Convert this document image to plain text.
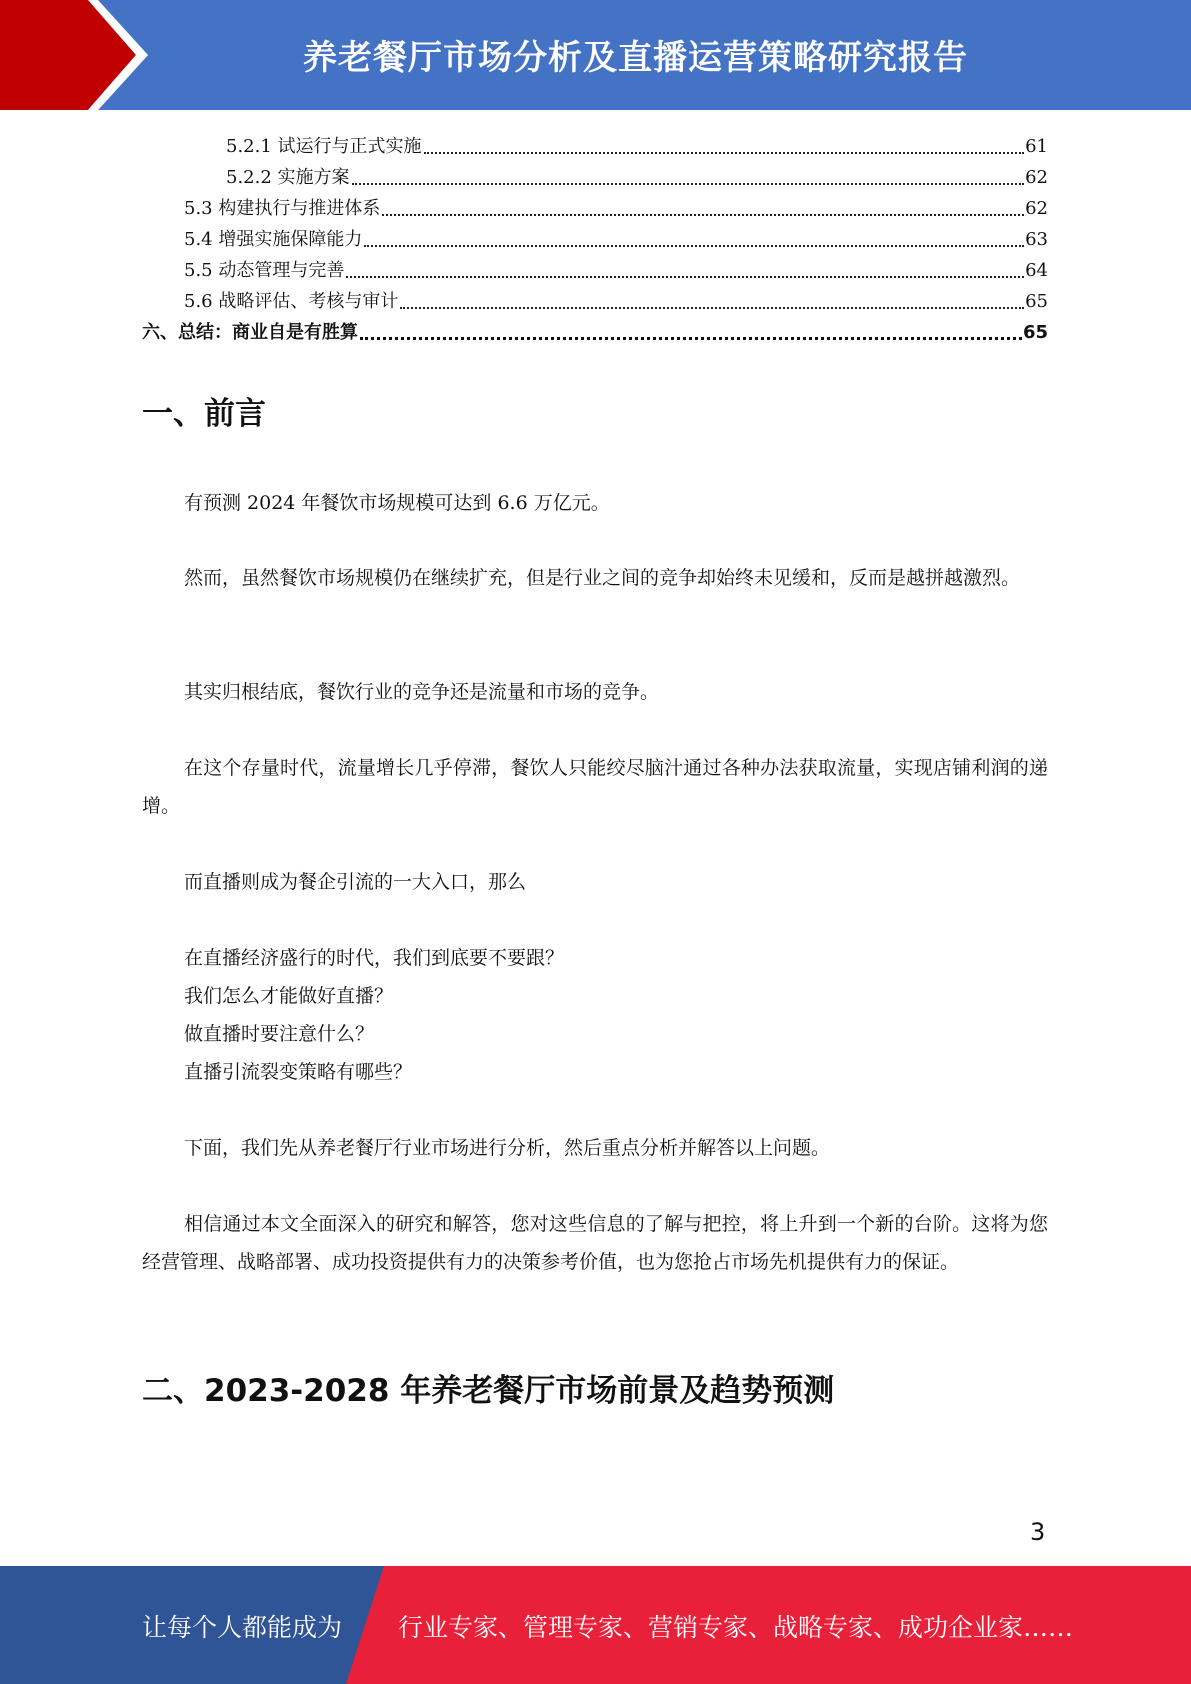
养老餐厅市场分析及直播运营策略研究报告
5.2.1 试运行与正式实施	61
5.2.2 实施方案	62
5.3 构建执行与推进体系	62
5.4 增强实施保障能力	63
5.5 动态管理与完善	64
5.6 战略评估、考核与审计	65
六、总结：商业自是有胜算	65
一、前言
有预测 2024 年餐饮市场规模可达到 6.6 万亿元。
然而，虽然餐饮市场规模仍在继续扩充，但是行业之间的竞争却始终未见缓和，反而是越拼越激烈。
其实归根结底，餐饮行业的竞争还是流量和市场的竞争。
在这个存量时代，流量增长几乎停滞，餐饮人只能绞尽脑汁通过各种办法获取流量，实现店铺利润的递增。
而直播则成为餐企引流的一大入口，那么
在直播经济盛行的时代，我们到底要不要跟？
我们怎么才能做好直播？
做直播时要注意什么？
直播引流裂变策略有哪些？
下面，我们先从养老餐厅行业市场进行分析，然后重点分析并解答以上问题。
相信通过本文全面深入的研究和解答，您对这些信息的了解与把控，将上升到一个新的台阶。这将为您经营管理、战略部署、成功投资提供有力的决策参考价值，也为您抢占市场先机提供有力的保证。
二、2023-2028 年养老餐厅市场前景及趋势预测
3
让每个人都能成为 行业专家、管理专家、营销专家、战略专家、成功企业家……
